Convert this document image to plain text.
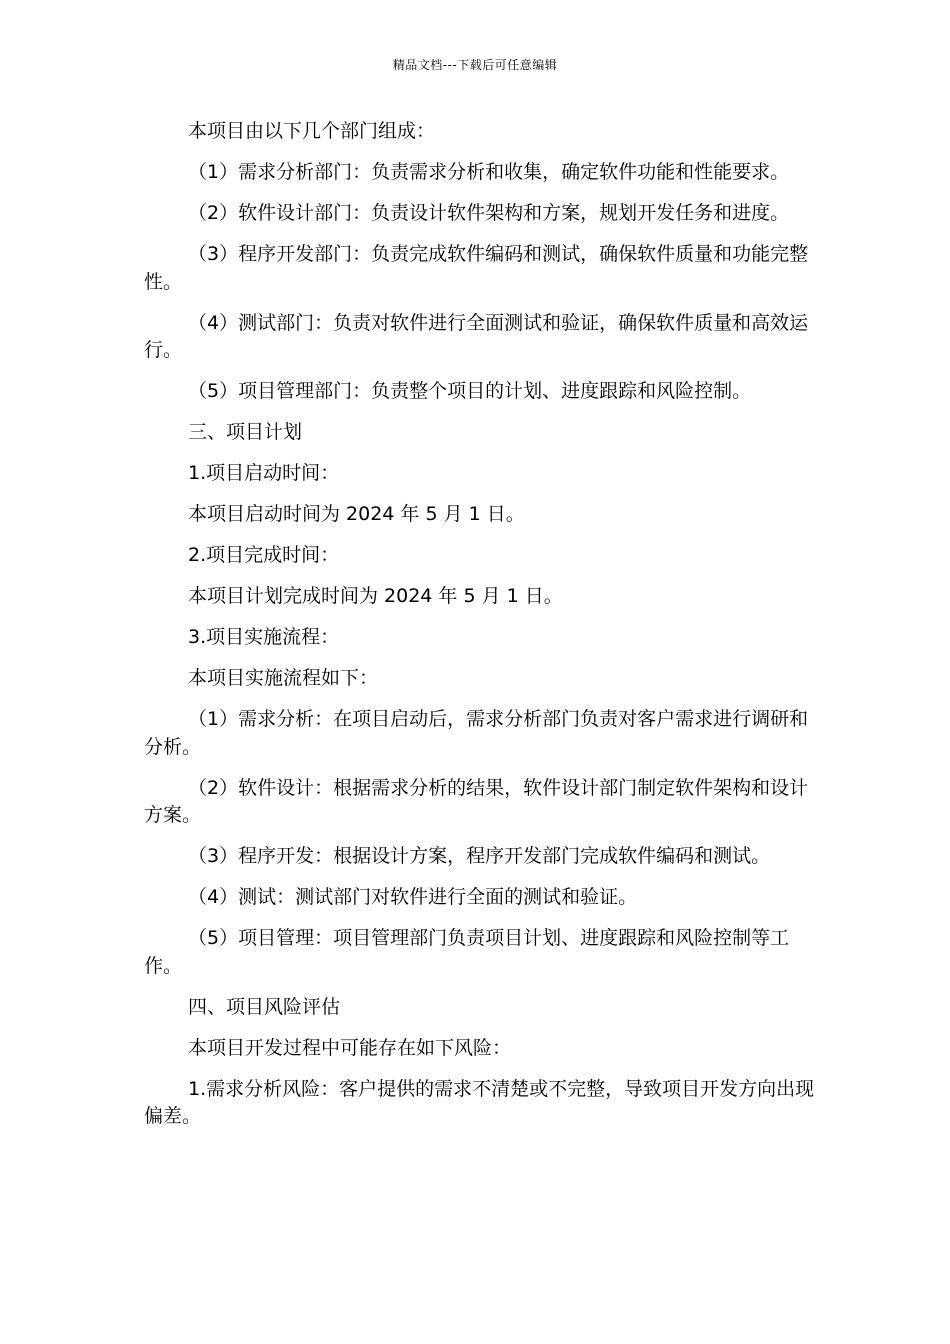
精品文档---下载后可任意编辑

本项目由以下几个部门组成：

（1）需求分析部门：负责需求分析和收集，确定软件功能和性能要求。

（2）软件设计部门：负责设计软件架构和方案，规划开发任务和进度。

（3）程序开发部门：负责完成软件编码和测试，确保软件质量和功能完整性。

（4）测试部门：负责对软件进行全面测试和验证，确保软件质量和高效运行。

（5）项目管理部门：负责整个项目的计划、进度跟踪和风险控制。

三、项目计划

1.项目启动时间：

本项目启动时间为 2024 年 5 月 1 日。

2.项目完成时间：

本项目计划完成时间为 2024 年 5 月 1 日。

3.项目实施流程：

本项目实施流程如下：

（1）需求分析：在项目启动后，需求分析部门负责对客户需求进行调研和分析。

（2）软件设计：根据需求分析的结果，软件设计部门制定软件架构和设计方案。

（3）程序开发：根据设计方案，程序开发部门完成软件编码和测试。

（4）测试：测试部门对软件进行全面的测试和验证。

（5）项目管理：项目管理部门负责项目计划、进度跟踪和风险控制等工作。

四、项目风险评估

本项目开发过程中可能存在如下风险：

1.需求分析风险：客户提供的需求不清楚或不完整，导致项目开发方向出现偏差。
